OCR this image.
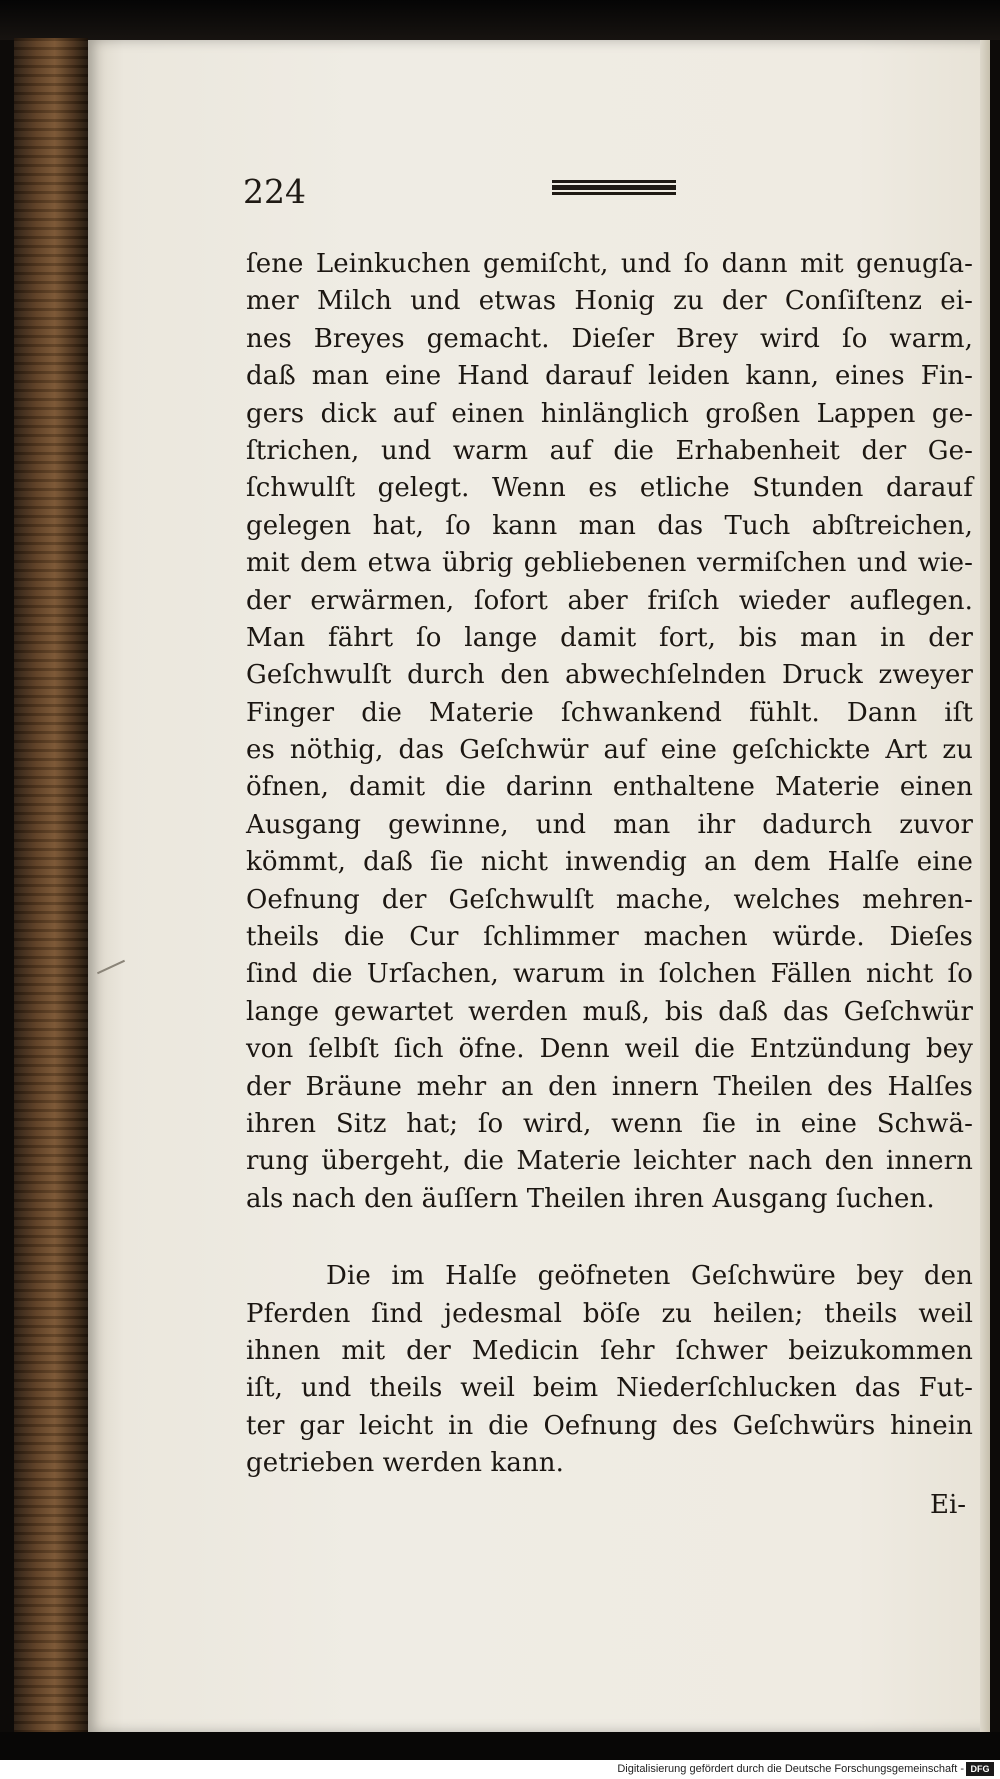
224
ſene Leinkuchen gemiſcht, und ſo dann mit genugſa-
mer Milch und etwas Honig zu der Conſiſtenz ei-
nes Breyes gemacht. Dieſer Brey wird ſo warm,
daß man eine Hand darauf leiden kann, eines Fin-
gers dick auf einen hinlänglich großen Lappen ge-
ſtrichen, und warm auf die Erhabenheit der Ge-
ſchwulſt gelegt. Wenn es etliche Stunden darauf
gelegen hat, ſo kann man das Tuch abſtreichen,
mit dem etwa übrig gebliebenen vermiſchen und wie-
der erwärmen, ſofort aber friſch wieder auflegen.
Man fährt ſo lange damit fort, bis man in der
Geſchwulſt durch den abwechſelnden Druck zweyer
Finger die Materie ſchwankend fühlt. Dann iſt
es nöthig, das Geſchwür auf eine geſchickte Art zu
öfnen, damit die darinn enthaltene Materie einen
Ausgang gewinne, und man ihr dadurch zuvor
kömmt, daß ſie nicht inwendig an dem Halſe eine
Oefnung der Geſchwulſt mache, welches mehren-
theils die Cur ſchlimmer machen würde. Dieſes
ſind die Urſachen, warum in ſolchen Fällen nicht ſo
lange gewartet werden muß, bis daß das Geſchwür
von ſelbſt ſich öfne. Denn weil die Entzündung bey
der Bräune mehr an den innern Theilen des Halſes
ihren Sitz hat; ſo wird, wenn ſie in eine Schwä-
rung übergeht, die Materie leichter nach den innern
als nach den äuſſern Theilen ihren Ausgang ſuchen.
Die im Halſe geöfneten Geſchwüre bey den
Pferden ſind jedesmal böſe zu heilen; theils weil
ihnen mit der Medicin ſehr ſchwer beizukommen
iſt, und theils weil beim Niederſchlucken das Fut-
ter gar leicht in die Oefnung des Geſchwürs hinein
getrieben werden kann.
Ei-
Digitalisierung gefördert durch die Deutsche Forschungsgemeinschaft - DFG
